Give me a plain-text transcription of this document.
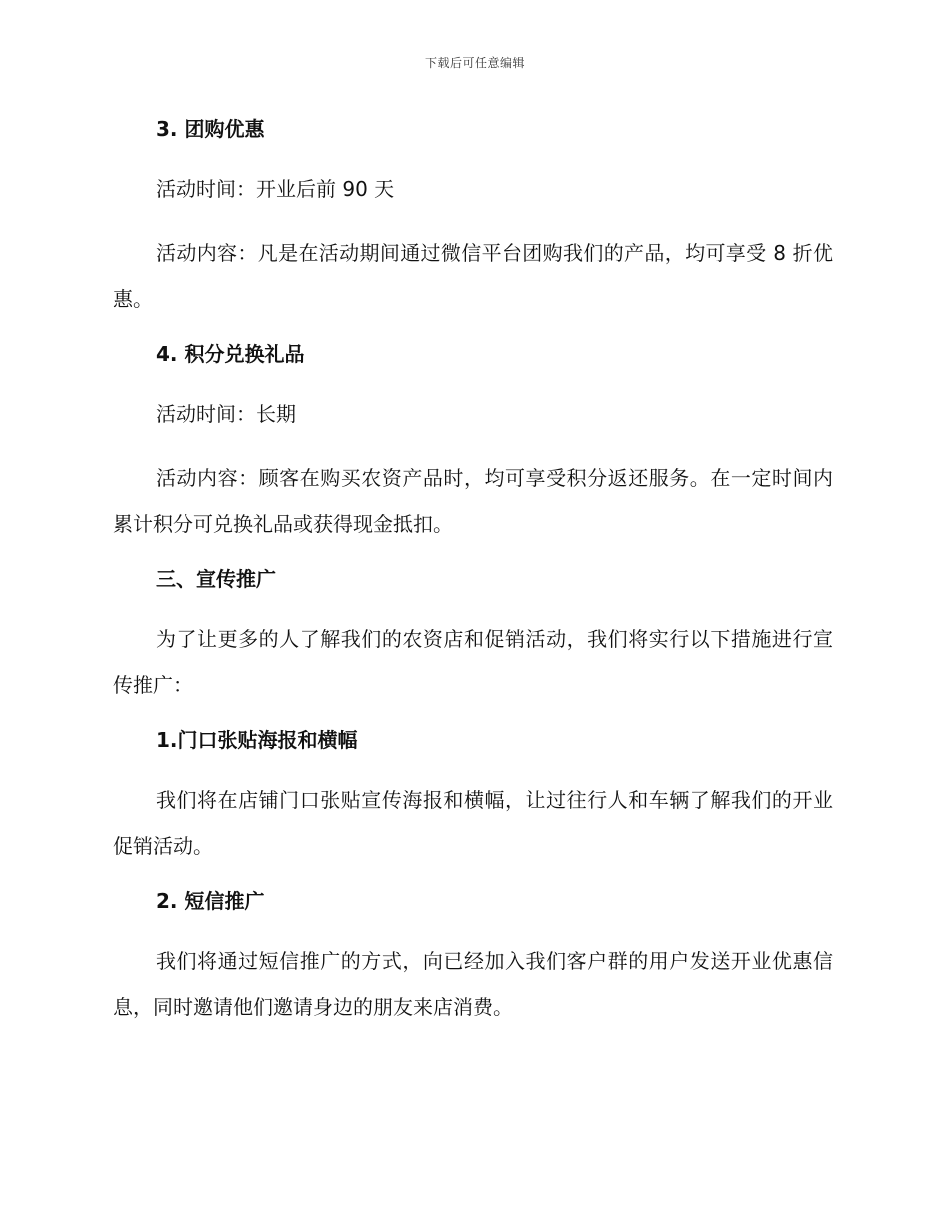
下载后可任意编辑
3. 团购优惠

活动时间：开业后前 90 天

活动内容：凡是在活动期间通过微信平台团购我们的产品，均可享受 8 折优惠。

4. 积分兑换礼品

活动时间：长期

活动内容：顾客在购买农资产品时，均可享受积分返还服务。在一定时间内累计积分可兑换礼品或获得现金抵扣。

三、宣传推广

为了让更多的人了解我们的农资店和促销活动，我们将实行以下措施进行宣传推广：

1.门口张贴海报和横幅

我们将在店铺门口张贴宣传海报和横幅，让过往行人和车辆了解我们的开业促销活动。

2. 短信推广

我们将通过短信推广的方式，向已经加入我们客户群的用户发送开业优惠信息，同时邀请他们邀请身边的朋友来店消费。
